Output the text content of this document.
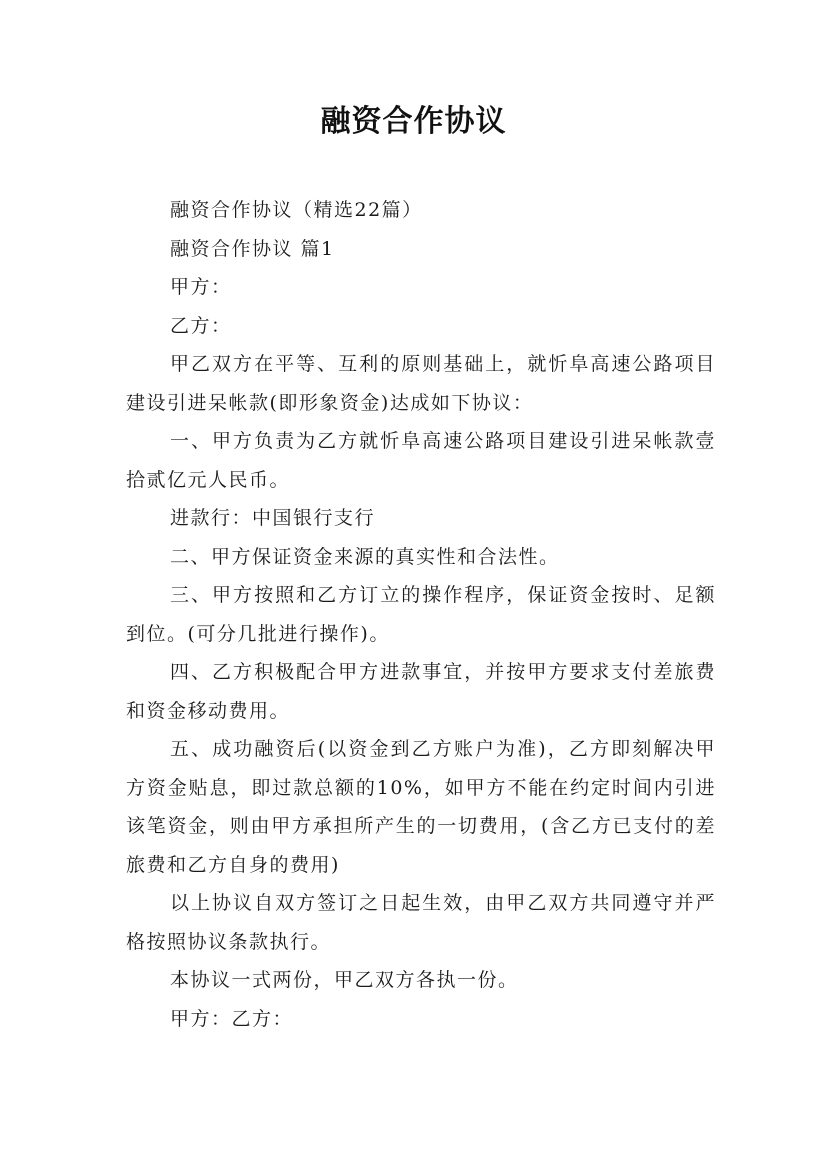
融资合作协议

融资合作协议（精选22篇）

融资合作协议 篇1

甲方：

乙方：

甲乙双方在平等、互利的原则基础上，就忻阜高速公路项目建设引进呆帐款(即形象资金)达成如下协议：

一、甲方负责为乙方就忻阜高速公路项目建设引进呆帐款壹拾贰亿元人民币。

进款行：中国银行支行

二、甲方保证资金来源的真实性和合法性。

三、甲方按照和乙方订立的操作程序，保证资金按时、足额到位。(可分几批进行操作)。

四、乙方积极配合甲方进款事宜，并按甲方要求支付差旅费和资金移动费用。

五、成功融资后(以资金到乙方账户为准)，乙方即刻解决甲方资金贴息，即过款总额的10%，如甲方不能在约定时间内引进该笔资金，则由甲方承担所产生的一切费用，(含乙方已支付的差旅费和乙方自身的费用)

以上协议自双方签订之日起生效，由甲乙双方共同遵守并严格按照协议条款执行。

本协议一式两份，甲乙双方各执一份。

甲方：乙方：
